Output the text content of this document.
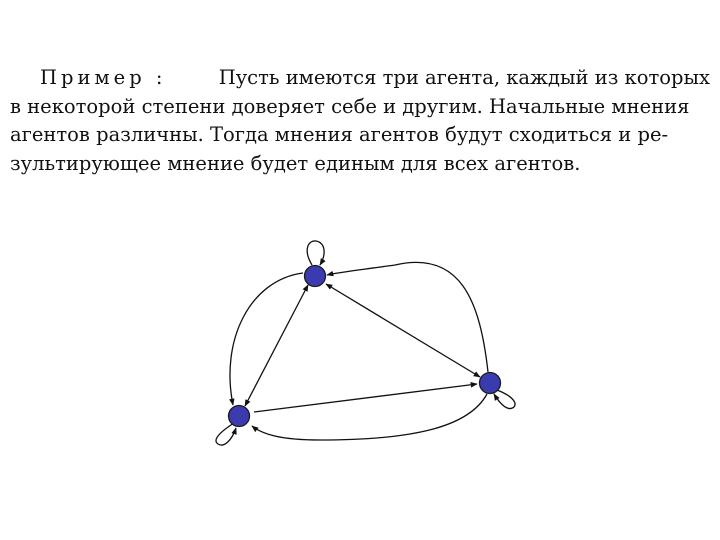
Пример :	Пусть имеются три агента, каждый из которых
в некоторой степени доверяет себе и другим. Начальные мнения
агентов различны. Тогда мнения агентов будут сходиться и ре-
зультирующее мнение будет единым для всех агентов.
